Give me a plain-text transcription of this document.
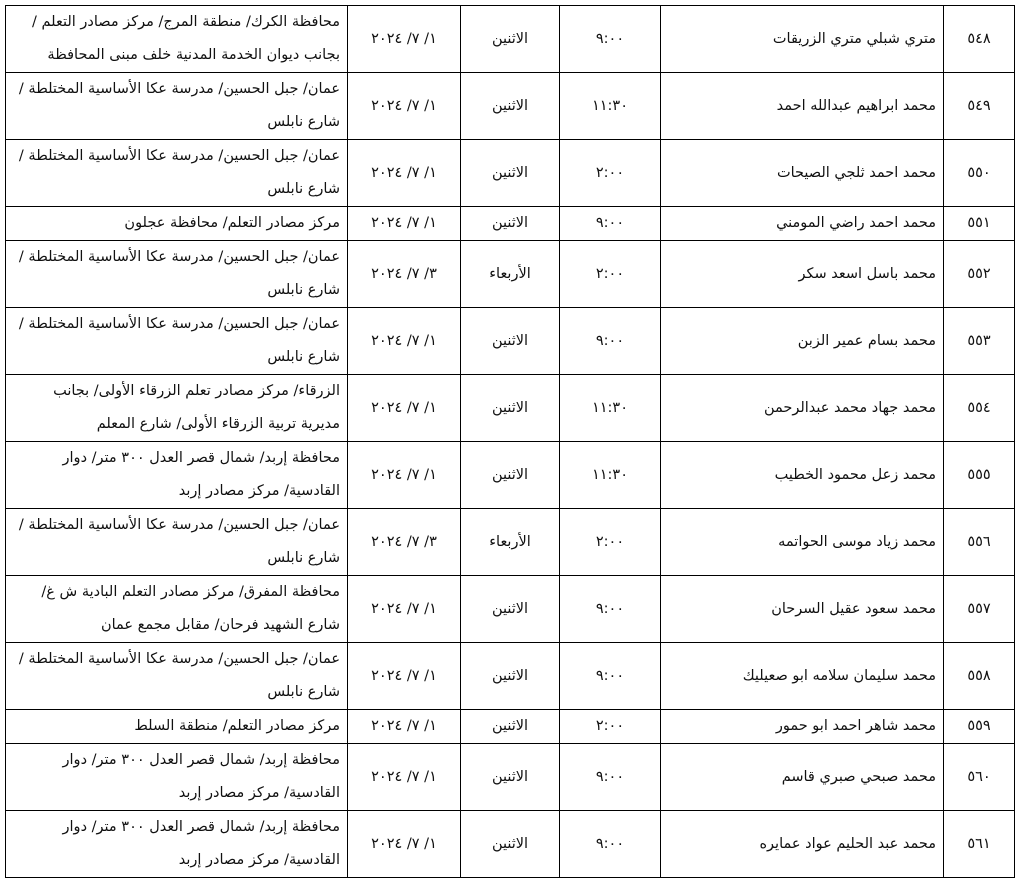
٥٤٨	متري شبلي متري الزريقات	٩:٠٠	الاثنين	١/ ٧/ ٢٠٢٤	محافظة الكرك/ منطقة المرج/ مركز مصادر التعلم / بجانب ديوان الخدمة المدنية خلف مبنى المحافظة
٥٤٩	محمد ابراهيم عبدالله احمد	١١:٣٠	الاثنين	١/ ٧/ ٢٠٢٤	عمان/ جبل الحسين/ مدرسة عكا الأساسية المختلطة / شارع نابلس
٥٥٠	محمد احمد ثلجي الصيحات	٢:٠٠	الاثنين	١/ ٧/ ٢٠٢٤	عمان/ جبل الحسين/ مدرسة عكا الأساسية المختلطة / شارع نابلس
٥٥١	محمد احمد راضي المومني	٩:٠٠	الاثنين	١/ ٧/ ٢٠٢٤	مركز مصادر التعلم/ محافظة عجلون
٥٥٢	محمد باسل اسعد سكر	٢:٠٠	الأربعاء	٣/ ٧/ ٢٠٢٤	عمان/ جبل الحسين/ مدرسة عكا الأساسية المختلطة / شارع نابلس
٥٥٣	محمد بسام عمير الزبن	٩:٠٠	الاثنين	١/ ٧/ ٢٠٢٤	عمان/ جبل الحسين/ مدرسة عكا الأساسية المختلطة / شارع نابلس
٥٥٤	محمد جهاد محمد عبدالرحمن	١١:٣٠	الاثنين	١/ ٧/ ٢٠٢٤	الزرقاء/ مركز مصادر تعلم الزرقاء الأولى/ بجانب مديرية تربية الزرقاء الأولى/ شارع المعلم
٥٥٥	محمد زعل محمود الخطيب	١١:٣٠	الاثنين	١/ ٧/ ٢٠٢٤	محافظة إربد/ شمال قصر العدل ٣٠٠ متر/ دوار القادسية/ مركز مصادر إربد
٥٥٦	محمد زياد موسى الحواتمه	٢:٠٠	الأربعاء	٣/ ٧/ ٢٠٢٤	عمان/ جبل الحسين/ مدرسة عكا الأساسية المختلطة / شارع نابلس
٥٥٧	محمد سعود عقيل السرحان	٩:٠٠	الاثنين	١/ ٧/ ٢٠٢٤	محافظة المفرق/ مركز مصادر التعلم البادية ش غ/ شارع الشهيد فرحان/ مقابل مجمع عمان
٥٥٨	محمد سليمان سلامه ابو صعيليك	٩:٠٠	الاثنين	١/ ٧/ ٢٠٢٤	عمان/ جبل الحسين/ مدرسة عكا الأساسية المختلطة / شارع نابلس
٥٥٩	محمد شاهر احمد ابو حمور	٢:٠٠	الاثنين	١/ ٧/ ٢٠٢٤	مركز مصادر التعلم/ منطقة السلط
٥٦٠	محمد صبحي صبري قاسم	٩:٠٠	الاثنين	١/ ٧/ ٢٠٢٤	محافظة إربد/ شمال قصر العدل ٣٠٠ متر/ دوار القادسية/ مركز مصادر إربد
٥٦١	محمد عبد الحليم عواد عمايره	٩:٠٠	الاثنين	١/ ٧/ ٢٠٢٤	محافظة إربد/ شمال قصر العدل ٣٠٠ متر/ دوار القادسية/ مركز مصادر إربد
